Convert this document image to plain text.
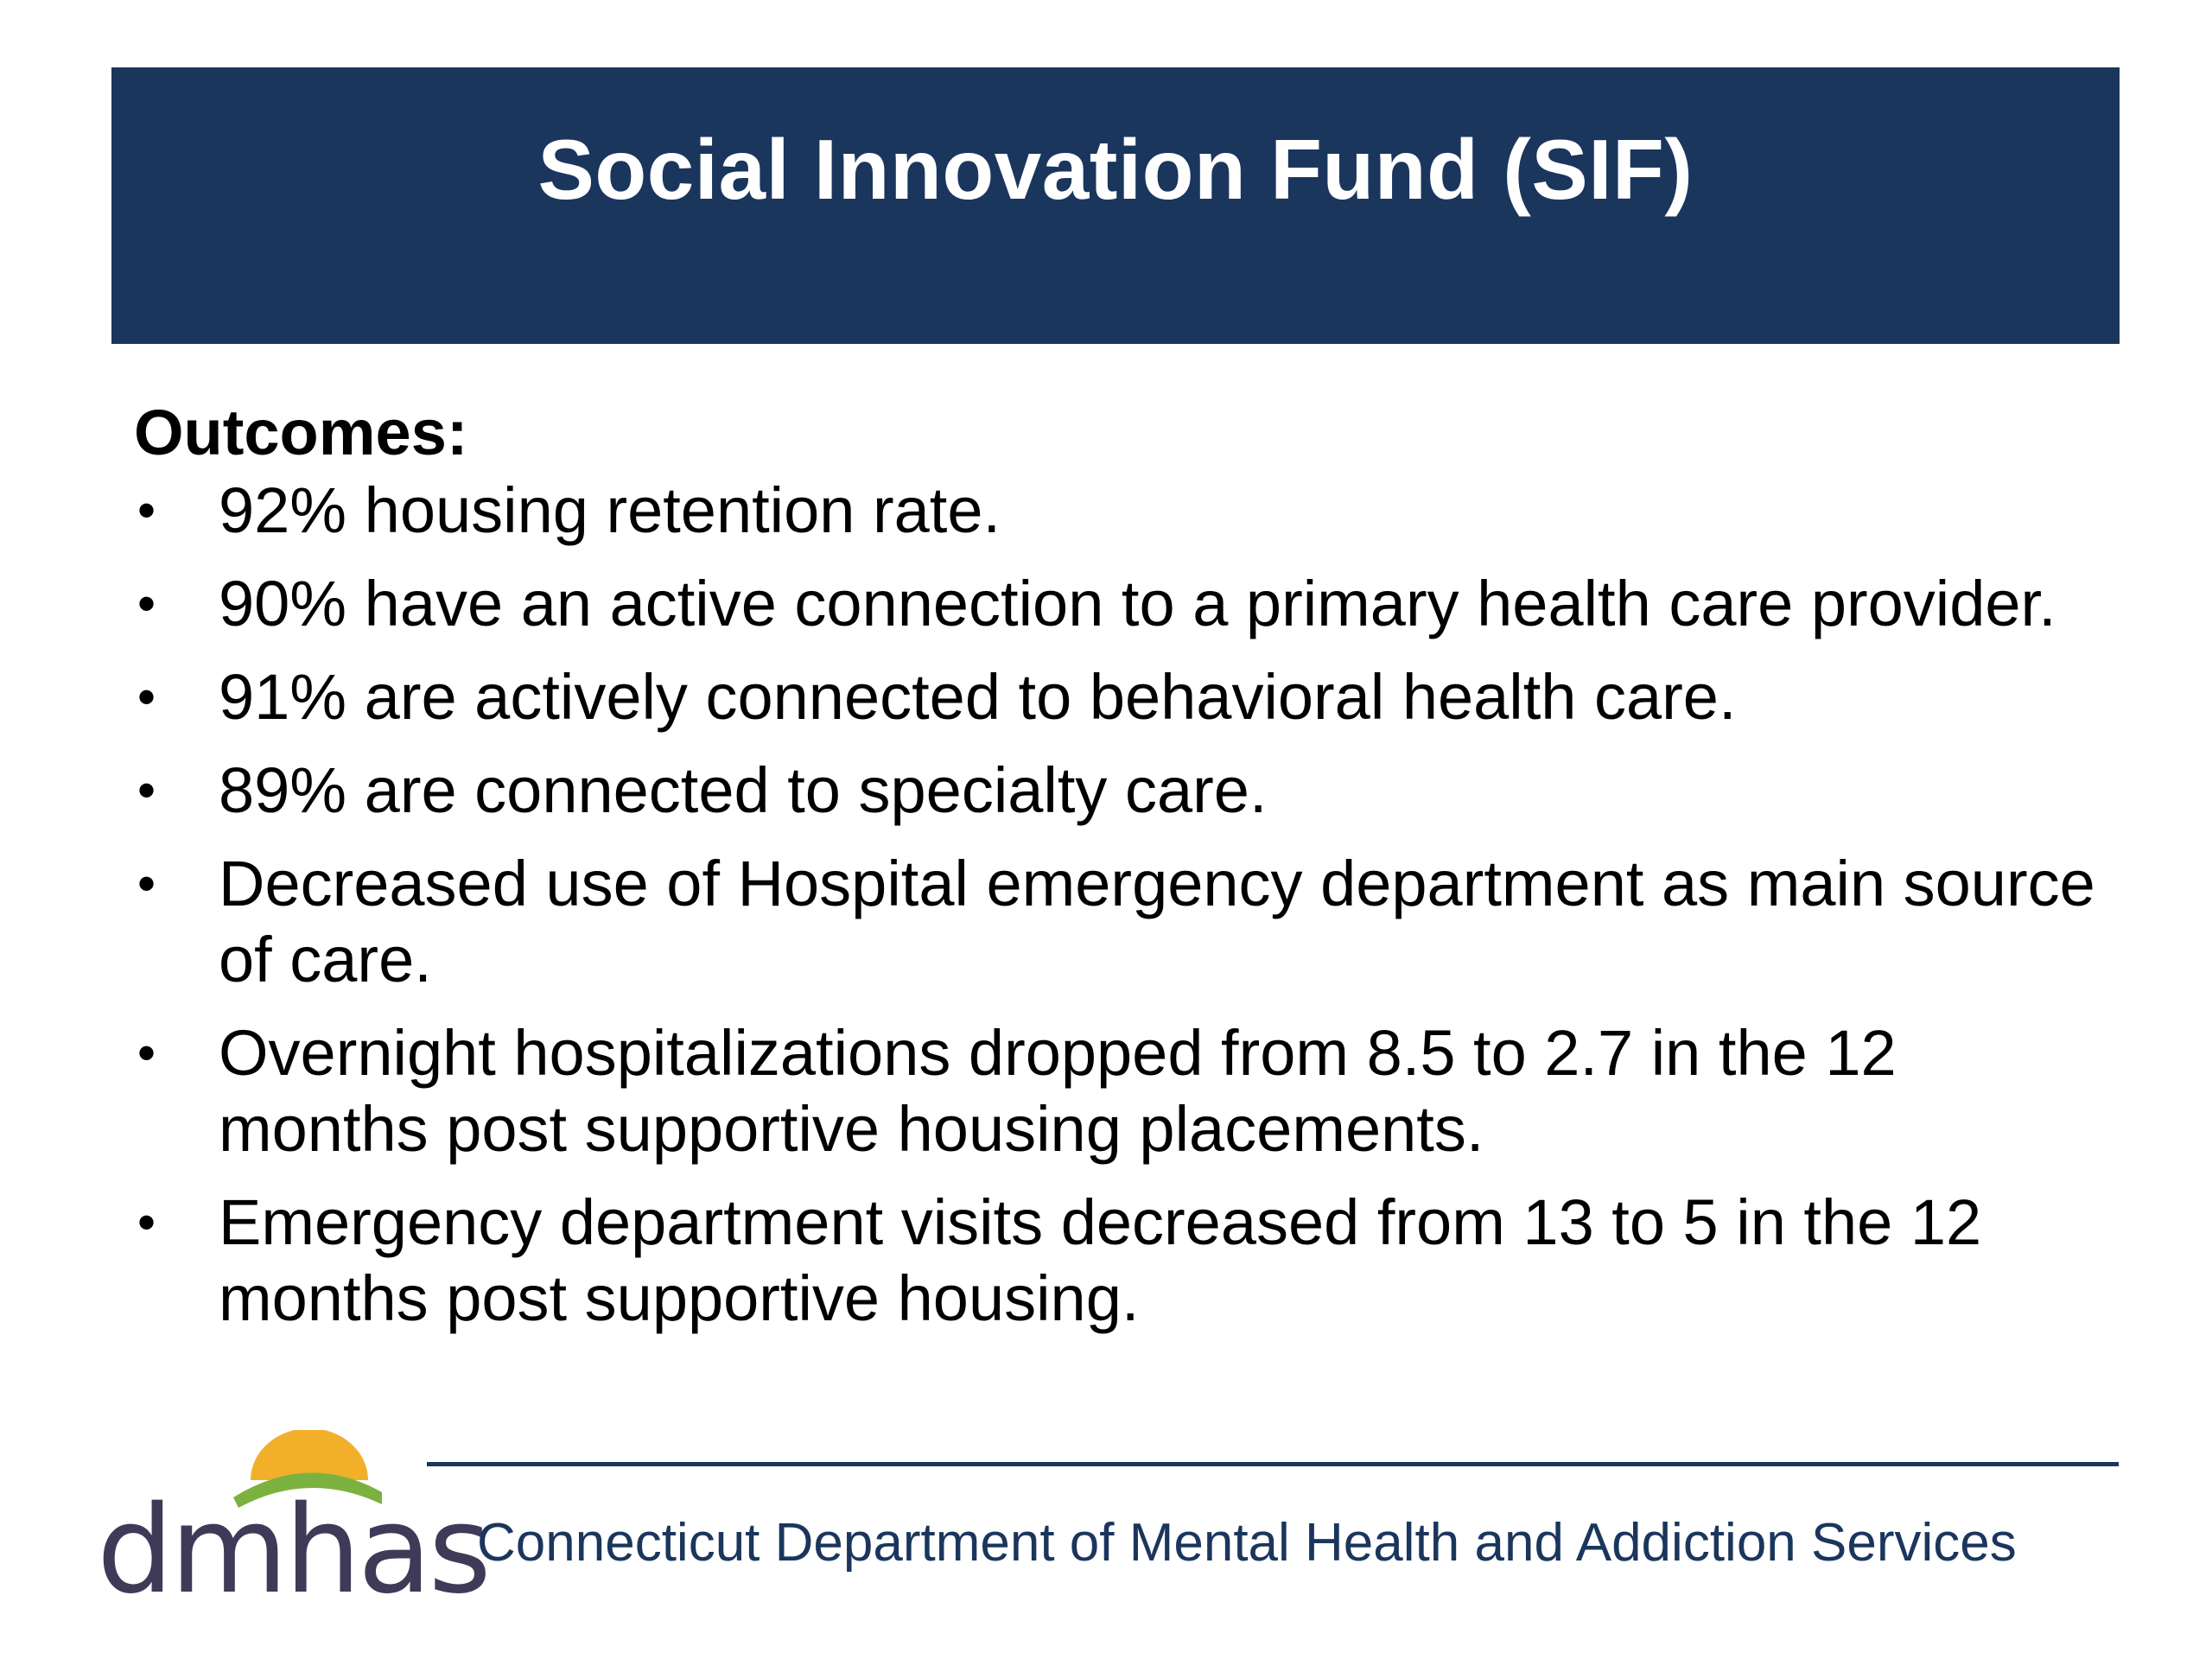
Social Innovation Fund (SIF)
Outcomes:
• 92% housing retention rate.
• 90% have an active connection to a primary health care provider.
• 91% are actively connected to behavioral health care.
• 89% are connected to specialty care.
• Decreased use of Hospital emergency department as main source of care.
• Overnight hospitalizations dropped from 8.5 to 2.7 in the 12 months post supportive housing placements.
• Emergency department visits decreased from 13 to 5 in the 12 months post supportive housing.
dmhas
Connecticut Department of Mental Health and Addiction Services
